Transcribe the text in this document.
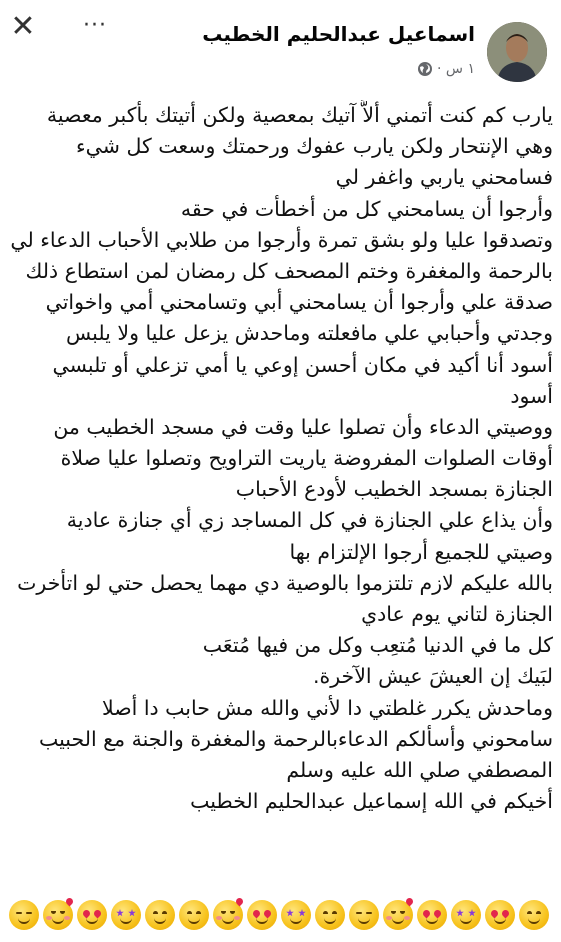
✕ ···	اسماعيل عبدالحليم الخطيب
١ س ·
يارب كم كنت أتمني ألاَّ آتيك بمعصية ولكن أتيتك بأكبر معصية
وهي الإنتحار ولكن يارب عفوك ورحمتك وسعت كل شيء
فسامحني ياربي واغفر لي
وأرجوا أن يسامحني كل من أخطأت في حقه
وتصدقوا عليا ولو بشق تمرة وأرجوا من طلابي الأحباب الدعاء لي
بالرحمة والمغفرة وختم المصحف كل رمضان لمن استطاع ذلك
صدقة علي وأرجوا أن يسامحني أبي وتسامحني أمي واخواتي
وجدتي وأحبابي علي مافعلته وماحدش يزعل عليا ولا يلبس
أسود أنا أكيد في مكان أحسن إوعي يا أمي تزعلي أو تلبسي
أسود
ووصيتي الدعاء وأن تصلوا عليا وقت في مسجد الخطيب من
أوقات الصلوات المفروضة ياريت التراويح وتصلوا عليا صلاة
الجنازة بمسجد الخطيب لأودع الأحباب
وأن يذاع علي الجنازة في كل المساجد زي أي جنازة عادية
وصيتي للجميع أرجوا الإلتزام بها
بالله عليكم لازم تلتزموا بالوصية دي مهما يحصل حتي لو اتأخرت
الجنازة لتاني يوم عادي
كل ما في الدنيا مُتعِب وكل من فيها مُتعَب
لبَيك إن العيشَ عيش الآخرة.
وماحدش يكرر غلطتي دا لأني والله مش حابب دا أصلا
سامحوني وأسألكم الدعاءبالرحمة والمغفرة والجنة مع الحبيب
المصطفي صلي الله عليه وسلم
أخيكم في الله إسماعيل عبدالحليم الخطيب
